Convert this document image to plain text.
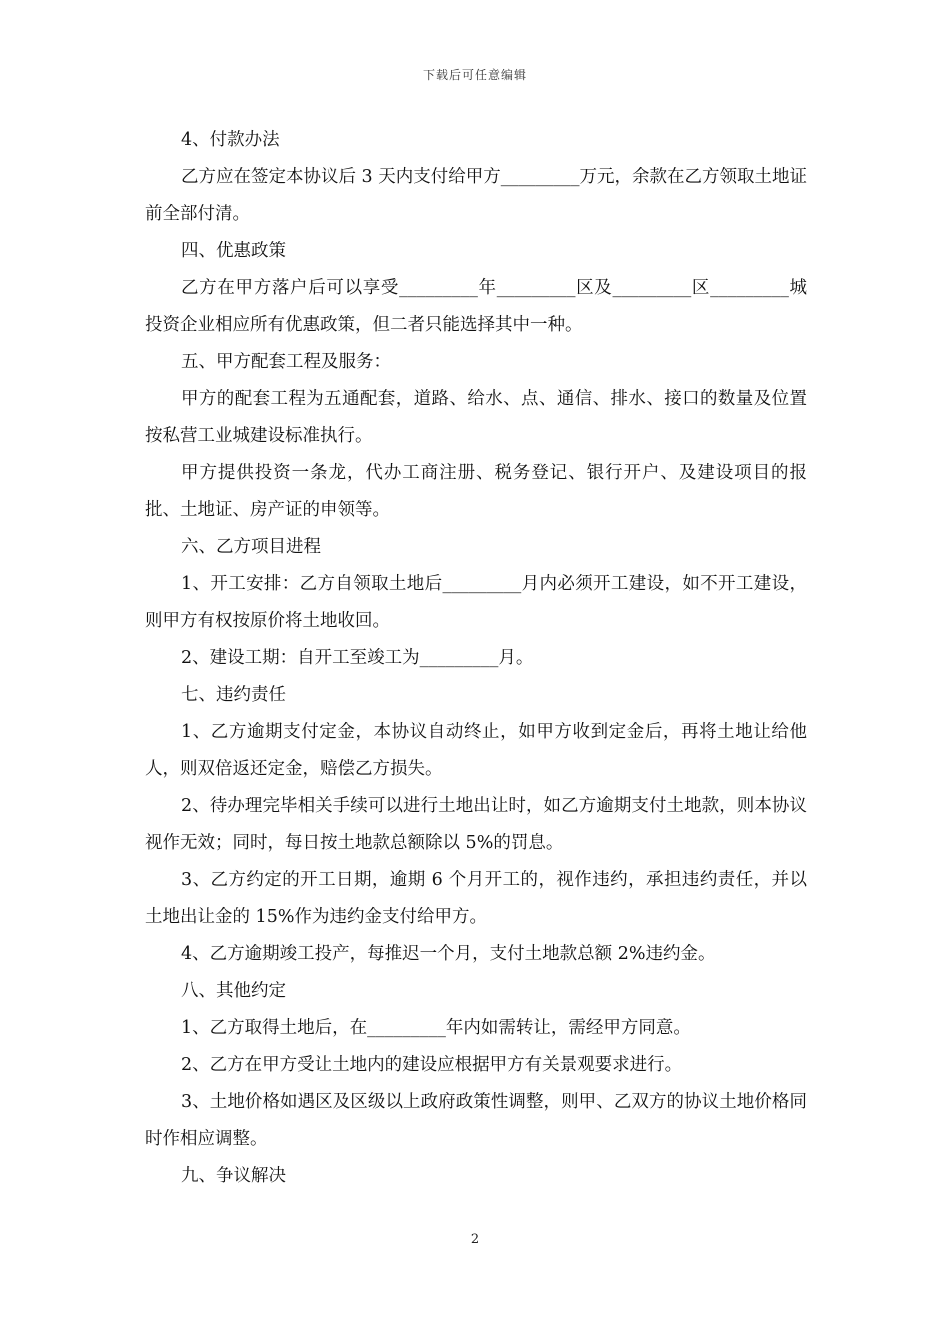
下载后可任意编辑

4、付款办法

乙方应在签定本协议后 3 天内支付给甲方_________万元，余款在乙方领取土地证前全部付清。

四、优惠政策

乙方在甲方落户后可以享受_________年_________区及_________区_________城投资企业相应所有优惠政策，但二者只能选择其中一种。

五、甲方配套工程及服务：

甲方的配套工程为五通配套，道路、给水、点、通信、排水、接口的数量及位置按私营工业城建设标准执行。

甲方提供投资一条龙，代办工商注册、税务登记、银行开户、及建设项目的报批、土地证、房产证的申领等。

六、乙方项目进程

1、开工安排：乙方自领取土地后_________月内必须开工建设，如不开工建设，则甲方有权按原价将土地收回。

2、建设工期：自开工至竣工为_________月。

七、违约责任

1、乙方逾期支付定金，本协议自动终止，如甲方收到定金后，再将土地让给他人，则双倍返还定金，赔偿乙方损失。

2、待办理完毕相关手续可以进行土地出让时，如乙方逾期支付土地款，则本协议视作无效；同时，每日按土地款总额除以 5%的罚息。

3、乙方约定的开工日期，逾期 6 个月开工的，视作违约，承担违约责任，并以土地出让金的 15%作为违约金支付给甲方。

4、乙方逾期竣工投产，每推迟一个月，支付土地款总额 2%违约金。

八、其他约定

1、乙方取得土地后，在_________年内如需转让，需经甲方同意。

2、乙方在甲方受让土地内的建设应根据甲方有关景观要求进行。

3、土地价格如遇区及区级以上政府政策性调整，则甲、乙双方的协议土地价格同时作相应调整。

九、争议解决

2
